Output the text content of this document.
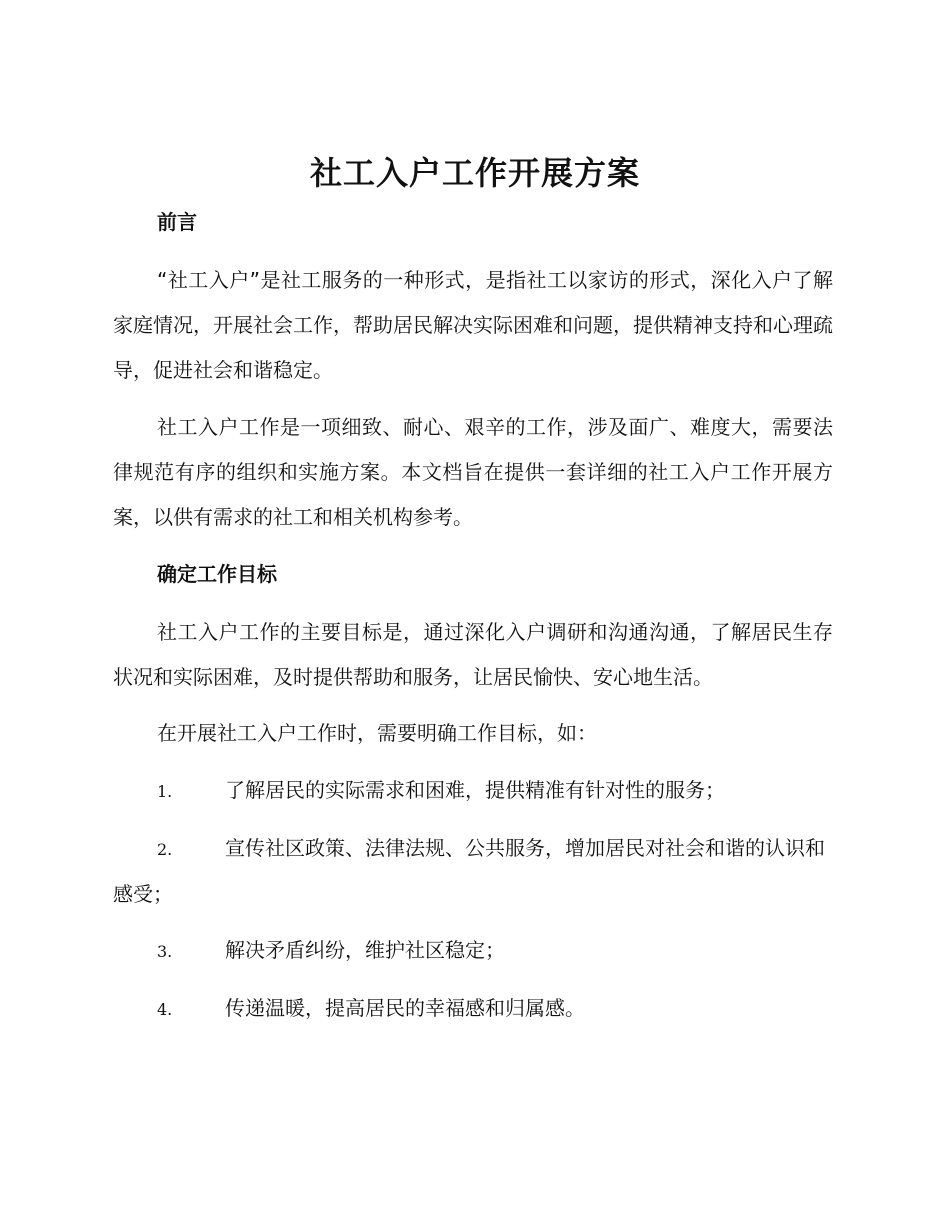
社工入户工作开展方案
前言

“社工入户”是社工服务的一种形式，是指社工以家访的形式，深化入户了解家庭情况，开展社会工作，帮助居民解决实际困难和问题，提供精神支持和心理疏导，促进社会和谐稳定。

社工入户工作是一项细致、耐心、艰辛的工作，涉及面广、难度大，需要法律规范有序的组织和实施方案。本文档旨在提供一套详细的社工入户工作开展方案，以供有需求的社工和相关机构参考。

确定工作目标

社工入户工作的主要目标是，通过深化入户调研和沟通沟通，了解居民生存状况和实际困难，及时提供帮助和服务，让居民愉快、安心地生活。

在开展社工入户工作时，需要明确工作目标，如：

1.	了解居民的实际需求和困难，提供精准有针对性的服务；

2.	宣传社区政策、法律法规、公共服务，增加居民对社会和谐的认识和感受；

3.	解决矛盾纠纷，维护社区稳定；

4.	传递温暖，提高居民的幸福感和归属感。
